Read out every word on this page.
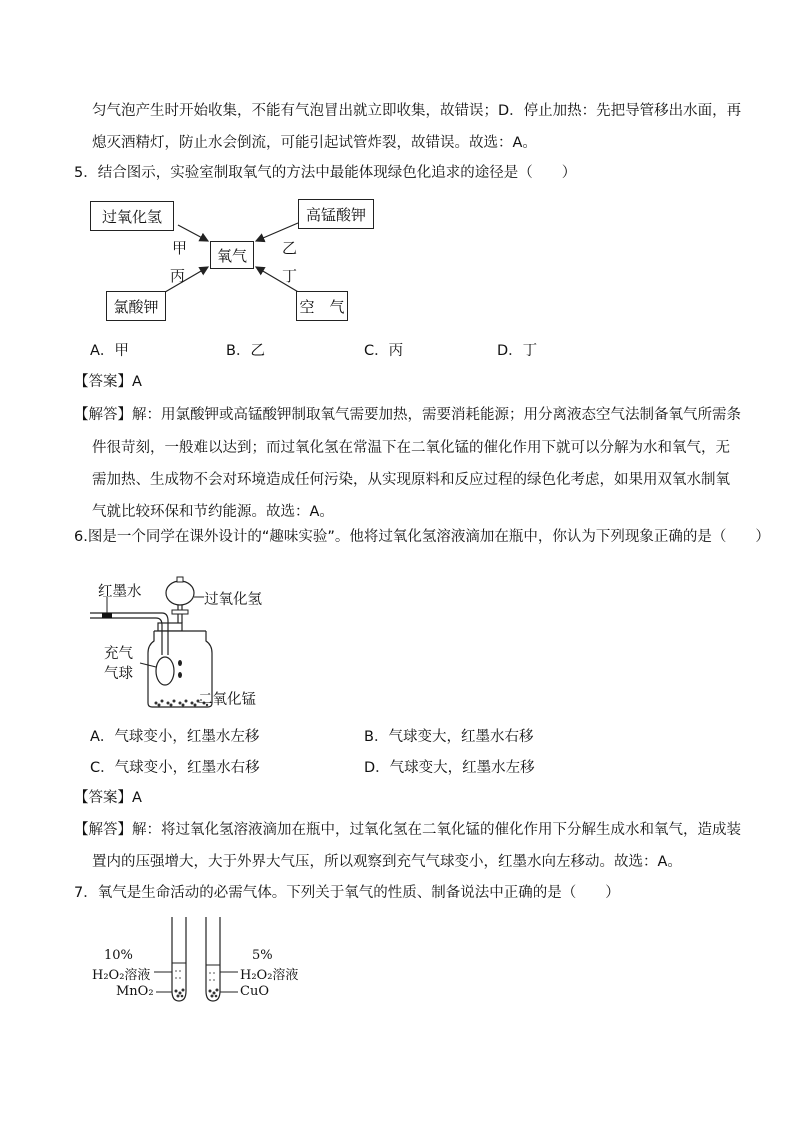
匀气泡产生时开始收集，不能有气泡冒出就立即收集，故错误；D．停止加热：先把导管移出水面，再
熄灭酒精灯，防止水会倒流，可能引起试管炸裂，故错误。故选：A。
5．结合图示，实验室制取氧气的方法中最能体现绿色化追求的途径是（　　）
过氧化氢	高锰酸钾
氧气
氯酸钾	空　气
甲	乙
丙	丁
A．甲	B．乙	C．丙	D．丁
【答案】A
【解答】解：用氯酸钾或高锰酸钾制取氧气需要加热，需要消耗能源；用分离液态空气法制备氧气所需条
件很苛刻，一般难以达到；而过氧化氢在常温下在二氧化锰的催化作用下就可以分解为水和氧气，无
需加热、生成物不会对环境造成任何污染，从实现原料和反应过程的绿色化考虑，如果用双氧水制氧
气就比较环保和节约能源。故选：A。
6.图是一个同学在课外设计的“趣味实验”。他将过氧化氢溶液滴加在瓶中，你认为下列现象正确的是（　　）
红墨水	过氧化氢
充气
气球
二氧化锰
A．气球变小，红墨水左移	B．气球变大，红墨水右移
C．气球变小，红墨水右移	D．气球变大，红墨水左移
【答案】A
【解答】解：将过氧化氢溶液滴加在瓶中，过氧化氢在二氧化锰的催化作用下分解生成水和氧气，造成装
置内的压强增大，大于外界大气压，所以观察到充气气球变小，红墨水向左移动。故选：A。
7．氧气是生命活动的必需气体。下列关于氧气的性质、制备说法中正确的是（　　）
10%
H₂O₂溶液
MnO₂
5%
H₂O₂溶液
CuO
